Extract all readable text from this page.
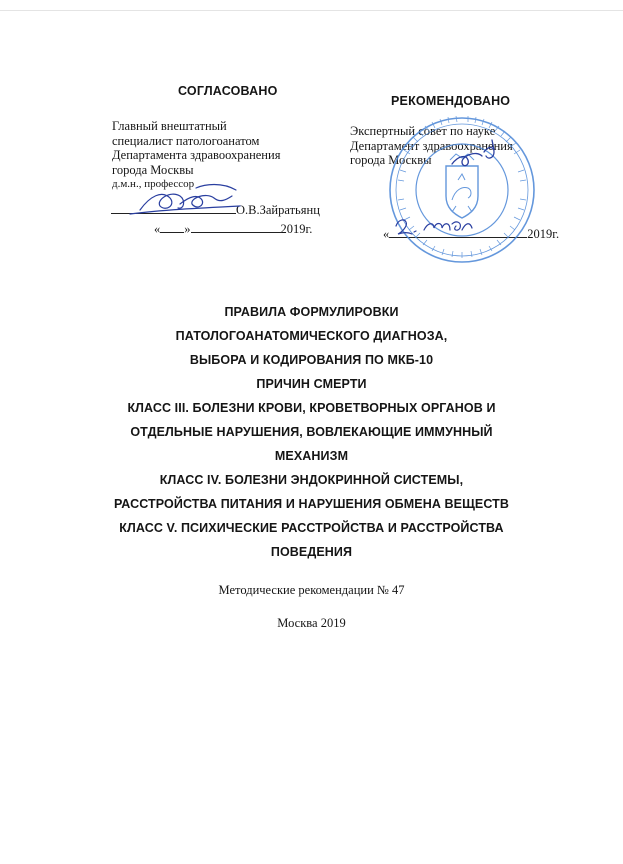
СОГЛАСОВАНО
Главный внештатный
специалист патологоанатом
Департамента здравоохранения
города Москвы
д.м.н., профессор
О.В.Зайратьянц
« »	2019г.
РЕКОМЕНДОВАНО
Экспертный совет по науке
Департамент здравоохранения
города Москвы
«	2019г.
ПРАВИЛА ФОРМУЛИРОВКИ
ПАТОЛОГОАНАТОМИЧЕСКОГО ДИАГНОЗА,
ВЫБОРА И КОДИРОВАНИЯ ПО МКБ-10
ПРИЧИН СМЕРТИ
КЛАСС III. БОЛЕЗНИ КРОВИ, КРОВЕТВОРНЫХ ОРГАНОВ И
ОТДЕЛЬНЫЕ НАРУШЕНИЯ, ВОВЛЕКАЮЩИЕ ИММУННЫЙ
МЕХАНИЗМ
КЛАСС IV. БОЛЕЗНИ ЭНДОКРИННОЙ СИСТЕМЫ,
РАССТРОЙСТВА ПИТАНИЯ И НАРУШЕНИЯ ОБМЕНА ВЕЩЕСТВ
КЛАСС V. ПСИХИЧЕСКИЕ РАССТРОЙСТВА И РАССТРОЙСТВА
ПОВЕДЕНИЯ
Методические рекомендации № 47
Москва 2019
